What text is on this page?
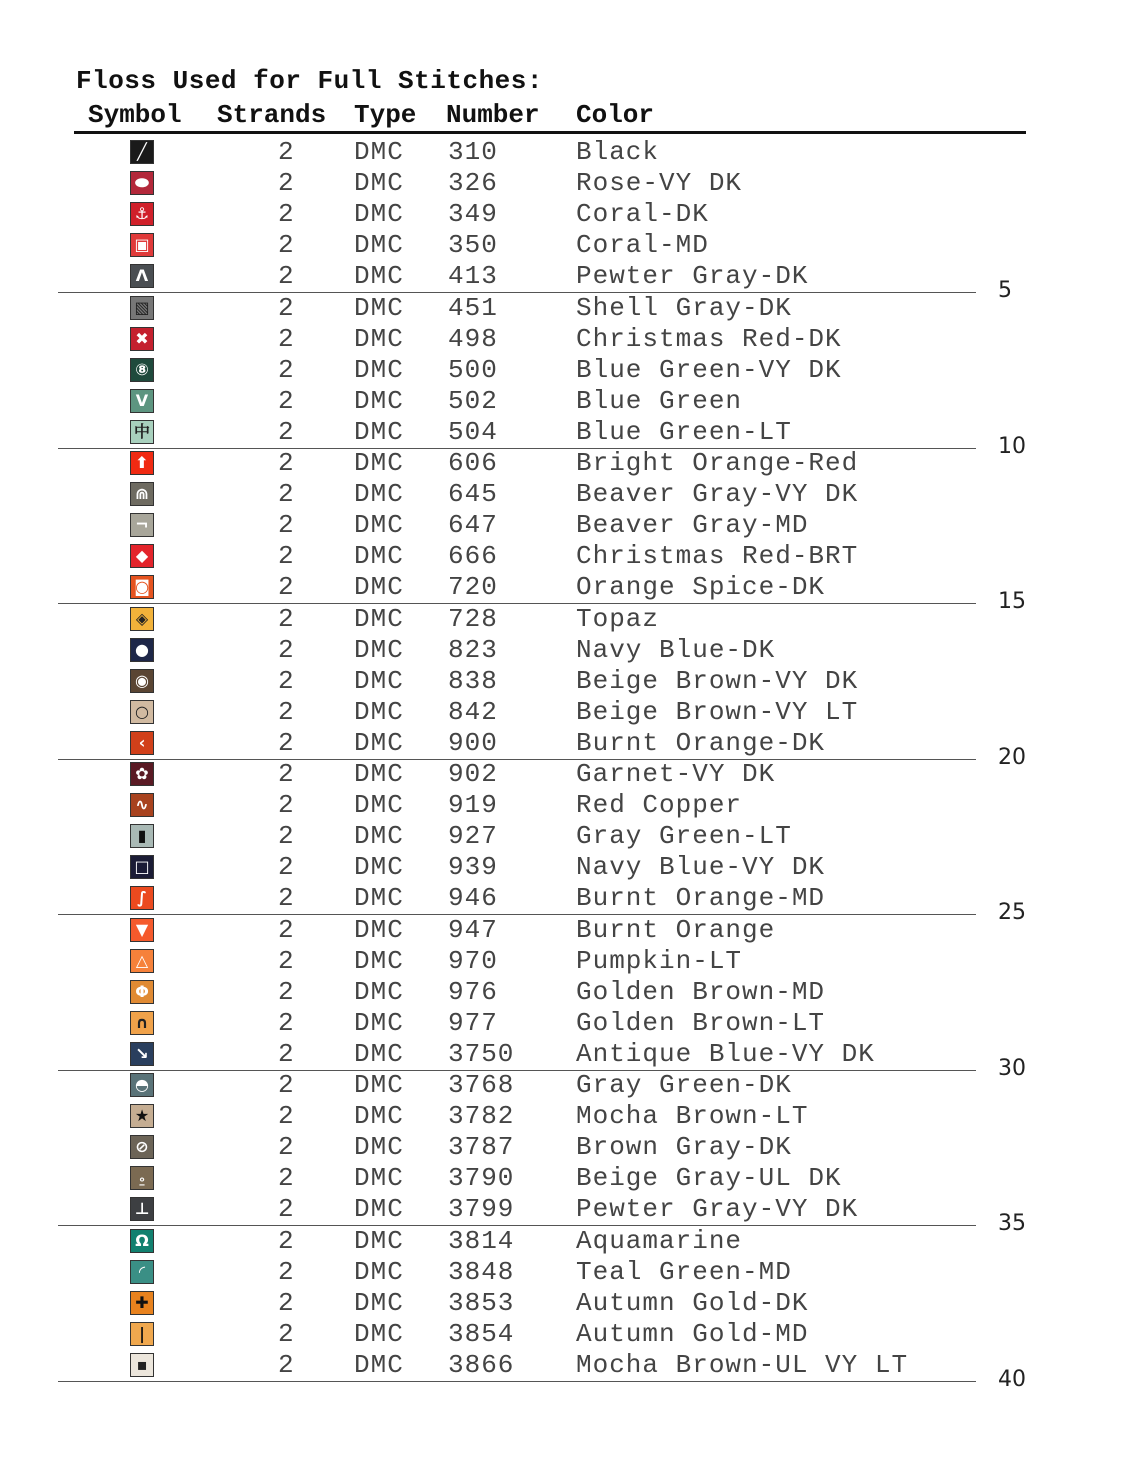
Floss Used for Full Stitches:
Symbol Strands Type Number Color
╱	2 DMC 310	Black
⬬	2 DMC 326	Rose-VY DK
⚓	2 DMC 349	Coral-DK
▣	2 DMC 350	Coral-MD
Λ	2 DMC 413	Pewter Gray-DK	5
▧	2 DMC 451	Shell Gray-DK
✖	2 DMC 498	Christmas Red-DK
⑧	2 DMC 500	Blue Green-VY DK
V	2 DMC 502	Blue Green
中	2 DMC 504	Blue Green-LT	10
⬆	2 DMC 606	Bright Orange-Red
⋒	2 DMC 645	Beaver Gray-VY DK
¬	2 DMC 647	Beaver Gray-MD
◆	2 DMC 666	Christmas Red-BRT
◙	2 DMC 720	Orange Spice-DK	15
◈	2 DMC 728	Topaz
●	2 DMC 823	Navy Blue-DK
◉	2 DMC 838	Beige Brown-VY DK
○	2 DMC 842	Beige Brown-VY LT
‹	2 DMC 900	Burnt Orange-DK	20
✿	2 DMC 902	Garnet-VY DK
∿	2 DMC 919	Red Copper
▮	2 DMC 927	Gray Green-LT
□	2 DMC 939	Navy Blue-VY DK
∫	2 DMC 946	Burnt Orange-MD	25
▼	2 DMC 947	Burnt Orange
△	2 DMC 970	Pumpkin-LT
Φ	2 DMC 976	Golden Brown-MD
∩	2 DMC 977	Golden Brown-LT
↘	2 DMC 3750 Antique Blue-VY DK	30
◓	2 DMC 3768 Gray Green-DK
★	2 DMC 3782 Mocha Brown-LT
⊘	2 DMC 3787 Brown Gray-DK
⍛	2 DMC 3790 Beige Gray-UL DK
⊥	2 DMC 3799 Pewter Gray-VY DK	35
Ω	2 DMC 3814 Aquamarine
◜	2 DMC 3848 Teal Green-MD
✚	2 DMC 3853 Autumn Gold-DK
|	2 DMC 3854 Autumn Gold-MD
▪	2 DMC 3866 Mocha Brown-UL VY LT	40
